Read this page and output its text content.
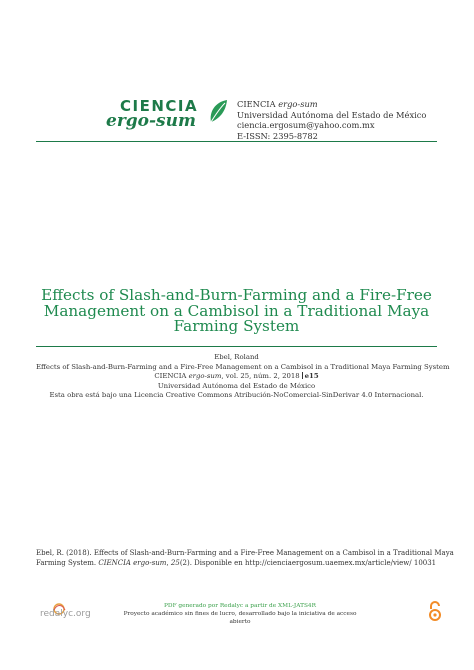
CIENCIA
ergo-sum
CIENCIA ergo-sum
Universidad Autónoma del Estado de México
ciencia.ergosum@yahoo.com.mx
E-ISSN: 2395-8782
Effects of Slash-and-Burn-Farming and a Fire-Free Management on a Cambisol in a Traditional Maya Farming System
Ebel, Roland
Effects of Slash-and-Burn-Farming and a Fire-Free Management on a Cambisol in a Traditional Maya Farming System
CIENCIA ergo-sum, vol. 25, núm. 2, 2018 e15
Universidad Autónoma del Estado de México
Esta obra está bajo una Licencia Creative Commons Atribución-NoComercial-SinDerivar 4.0 Internacional.
Ebel, R. (2018). Effects of Slash-and-Burn-Farming and a Fire-Free Management on a Cambisol in a Traditional Maya
Farming System. CIENCIA ergo-sum, 25(2). Disponible en http://cienciaergosum.uaemex.mx/article/view/ 10031
redalyc.org
PDF generado por Redalyc a partir de XML-JATS4R
Proyecto académico sin fines de lucro, desarrollado bajo la iniciativa de acceso abierto
